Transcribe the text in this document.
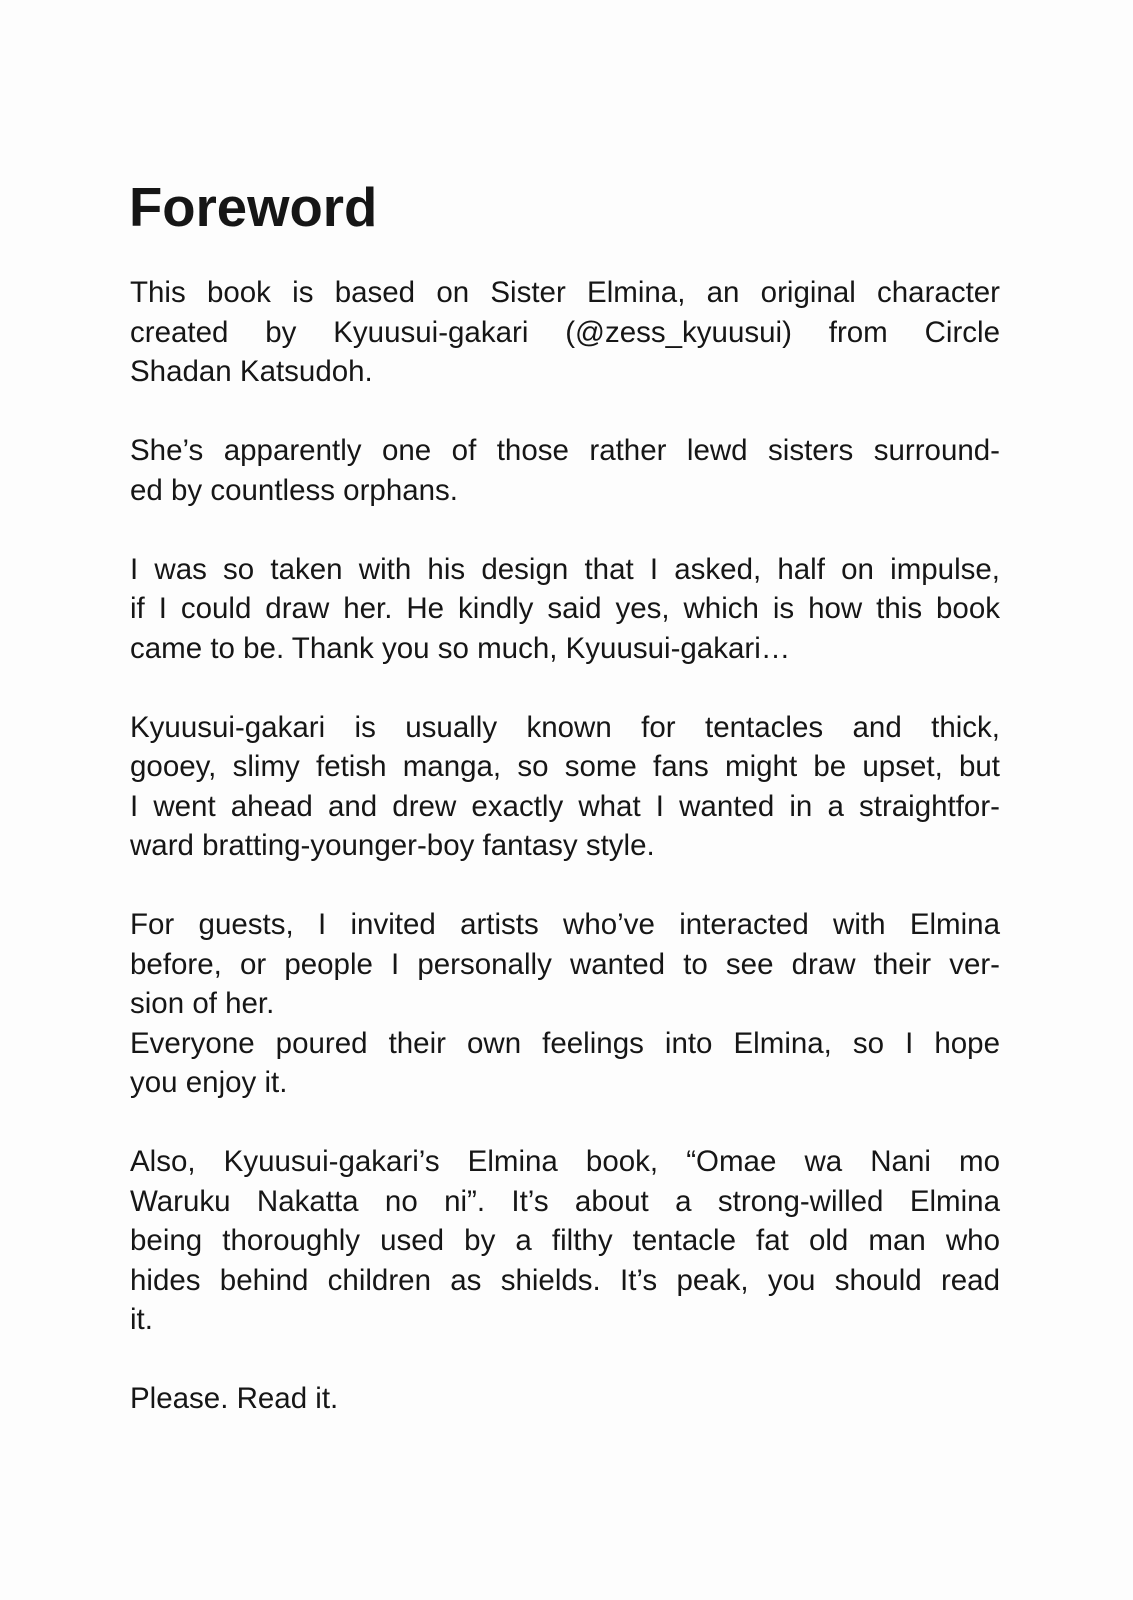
Foreword
This book is based on Sister Elmina, an original character
created by Kyuusui-gakari (@zess_kyuusui) from Circle
Shadan Katsudoh.
She’s apparently one of those rather lewd sisters surround-
ed by countless orphans.
I was so taken with his design that I asked, half on impulse,
if I could draw her. He kindly said yes, which is how this book
came to be. Thank you so much, Kyuusui-gakari…
Kyuusui-gakari is usually known for tentacles and thick,
gooey, slimy fetish manga, so some fans might be upset, but
I went ahead and drew exactly what I wanted in a straightfor-
ward bratting-younger-boy fantasy style.
For guests, I invited artists who’ve interacted with Elmina
before, or people I personally wanted to see draw their ver-
sion of her.
Everyone poured their own feelings into Elmina, so I hope
you enjoy it.
Also, Kyuusui-gakari’s Elmina book, “Omae wa Nani mo
Waruku Nakatta no ni”. It’s about a strong-willed Elmina
being thoroughly used by a filthy tentacle fat old man who
hides behind children as shields. It’s peak, you should read
it.
Please. Read it.
